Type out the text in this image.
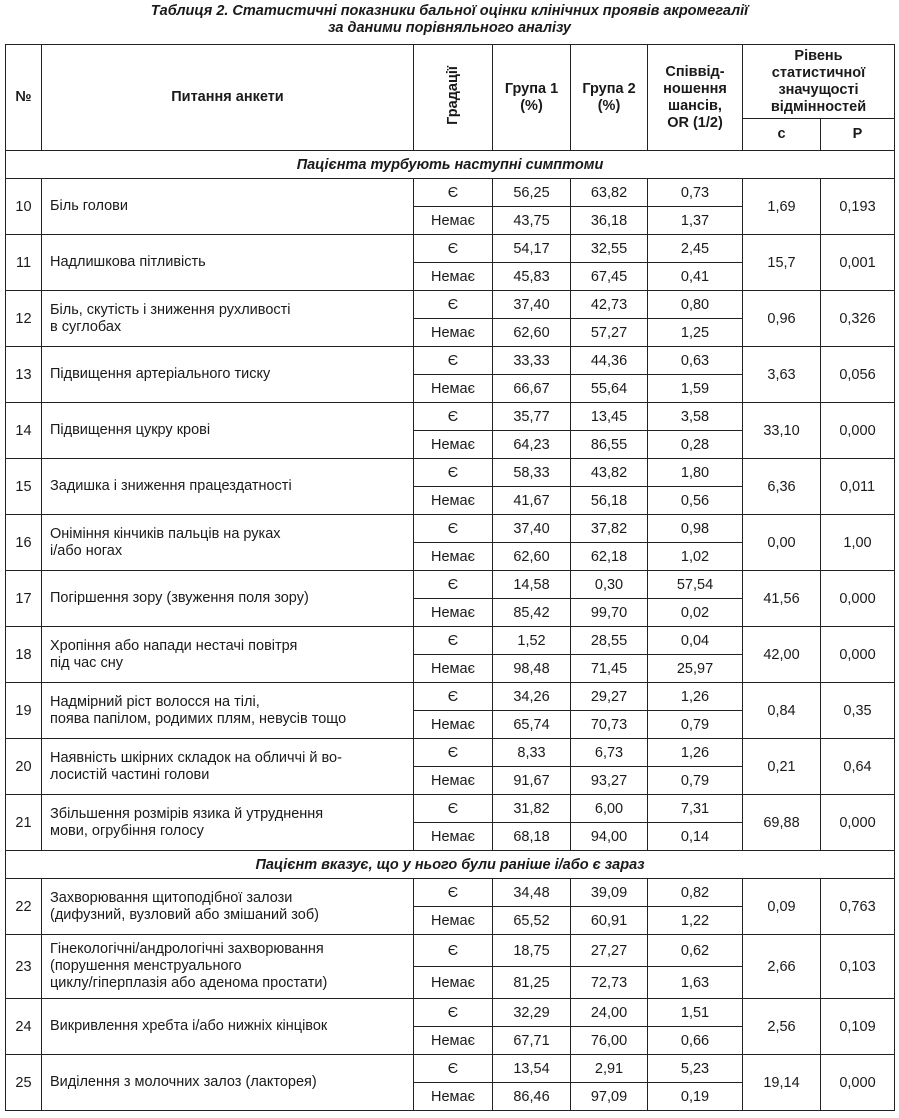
Таблиця 2. Статистичні показники бальної оцінки клінічних проявів акромегалії
за даними порівняльного аналізу
№	Питання анкети	Градації	Група 1 (%)	Група 2 (%)	Співвід-
ношення
шансів,
OR (1/2)	Рівень статистичної значущості відмінностей	
						с	P
Пацієнта турбують наступні симптоми							
10	Біль голови	Є	56,25	63,82	0,73	1,69	0,193
		Немає	43,75	36,18	1,37		
11	Надлишкова пітливість	Є	54,17	32,55	2,45	15,7	0,001
		Немає	45,83	67,45	0,41		
12	Біль, скутість і зниження рухливості
в суглобах	Є	37,40	42,73	0,80	0,96	0,326
		Немає	62,60	57,27	1,25		
13	Підвищення артеріального тиску	Є	33,33	44,36	0,63	3,63	0,056
		Немає	66,67	55,64	1,59		
14	Підвищення цукру крові	Є	35,77	13,45	3,58	33,10	0,000
		Немає	64,23	86,55	0,28		
15	Задишка і зниження працездатності	Є	58,33	43,82	1,80	6,36	0,011
		Немає	41,67	56,18	0,56		
16	Оніміння кінчиків пальців на руках
і/або ногах	Є	37,40	37,82	0,98	0,00	1,00
		Немає	62,60	62,18	1,02		
17	Погіршення зору (звуження поля зору)	Є	14,58	0,30	57,54	41,56	0,000
		Немає	85,42	99,70	0,02		
18	Хропіння або напади нестачі повітря
під час сну	Є	1,52	28,55	0,04	42,00	0,000
		Немає	98,48	71,45	25,97		
19	Надмірний ріст волосся на тілі,
поява папілом, родимих плям, невусів тощо	Є	34,26	29,27	1,26	0,84	0,35
		Немає	65,74	70,73	0,79		
20	Наявність шкірних складок на обличчі й во-
лосистій частині голови	Є	8,33	6,73	1,26	0,21	0,64
		Немає	91,67	93,27	0,79		
21	Збільшення розмірів язика й утруднення
мови, огрубіння голосу	Є	31,82	6,00	7,31	69,88	0,000
		Немає	68,18	94,00	0,14		
Пацієнт вказує, що у нього були раніше і/або є зараз							
22	Захворювання щитоподібної залози
(дифузний, вузловий або змішаний зоб)	Є	34,48	39,09	0,82	0,09	0,763
		Немає	65,52	60,91	1,22		
23	Гінекологічні/андрологічні захворювання
(порушення менструального
циклу/гіперплазія або аденома простати)	Є	18,75	27,27	0,62	2,66	0,103
		Немає	81,25	72,73	1,63		
24	Викривлення хребта і/або нижніх кінцівок	Є	32,29	24,00	1,51	2,56	0,109
		Немає	67,71	76,00	0,66		
25	Виділення з молочних залоз (лакторея)	Є	13,54	2,91	5,23	19,14	0,000
		Немає	86,46	97,09	0,19		
